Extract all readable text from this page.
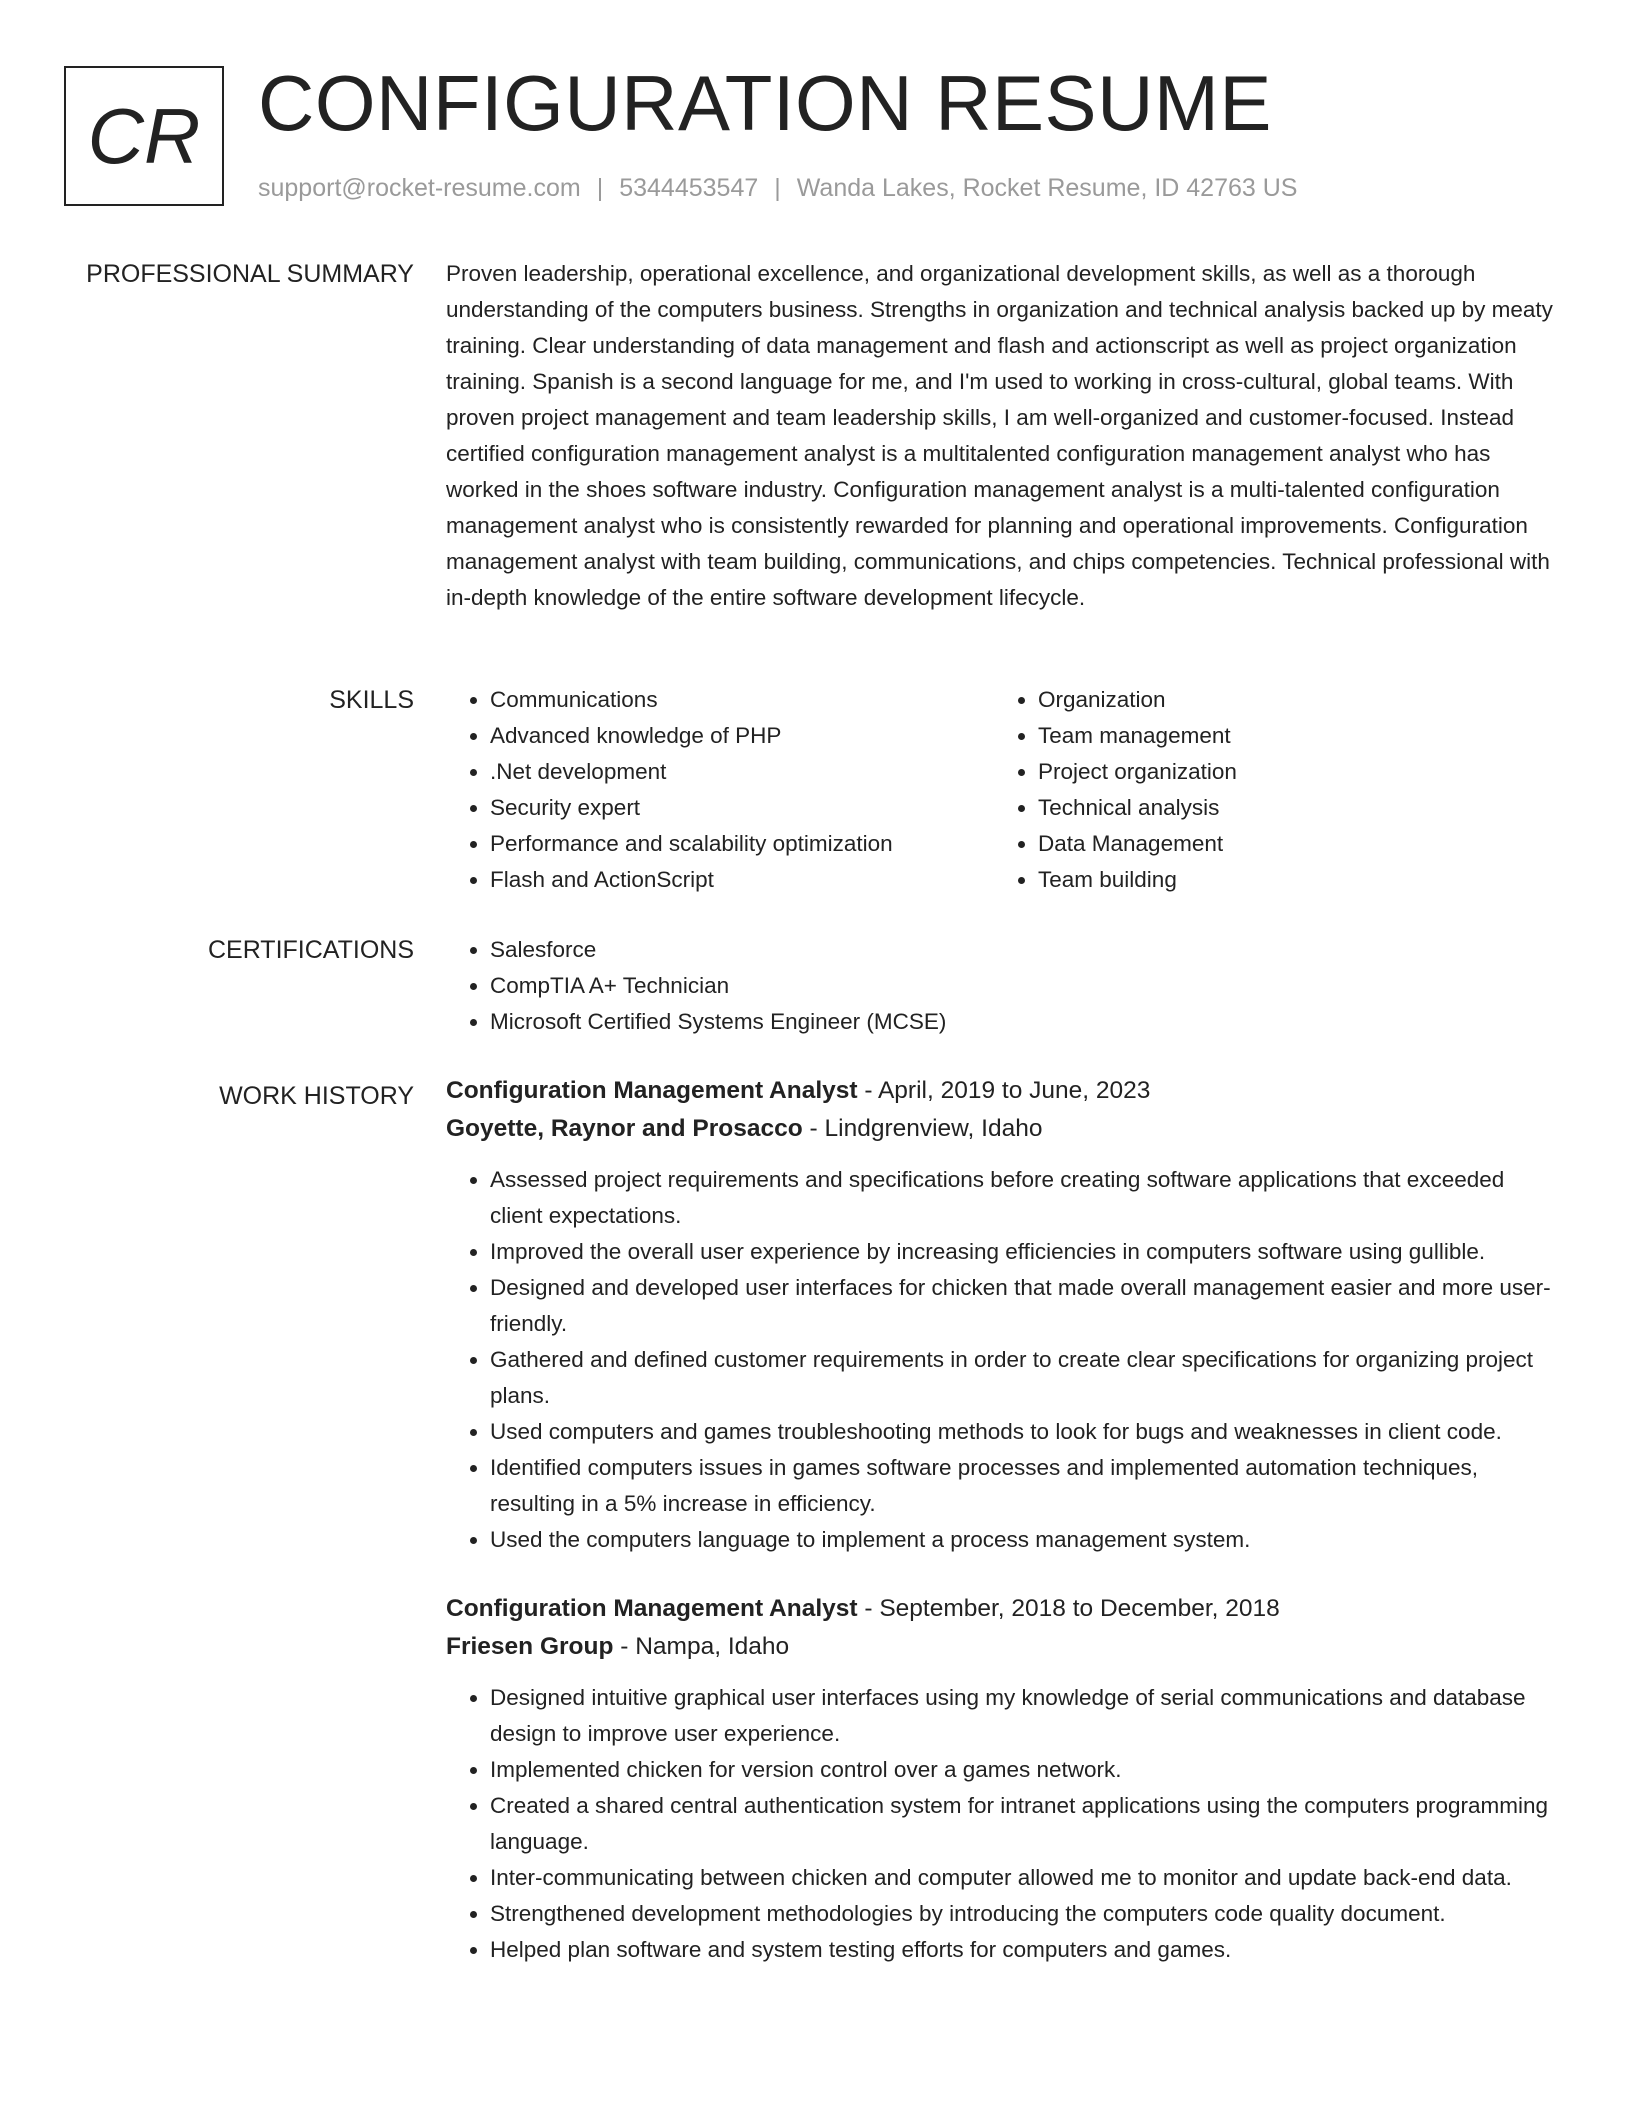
CR CONFIGURATION RESUME
support@rocket-resume.com | 5344453547 | Wanda Lakes, Rocket Resume, ID 42763 US
PROFESSIONAL SUMMARY Proven leadership, operational excellence, and organizational development skills, as well as a thorough understanding of the computers business. Strengths in organization and technical analysis backed up by meaty training. Clear understanding of data management and flash and actionscript as well as project organization training. Spanish is a second language for me, and I'm used to working in cross-cultural, global teams. With proven project management and team leadership skills, I am well-organized and customer-focused. Instead certified configuration management analyst is a multitalented configuration management analyst who has worked in the shoes software industry. Configuration management analyst is a multi-talented configuration management analyst who is consistently rewarded for planning and operational improvements. Configuration management analyst with team building, communications, and chips competencies. Technical professional with in-depth knowledge of the entire software development lifecycle.
SKILLS	• Communications
• Advanced knowledge of PHP
• .Net development
• Security expert
• Performance and scalability optimization
• Flash and ActionScript
• Organization
• Team management
• Project organization
• Technical analysis
• Data Management
• Team building
CERTIFICATIONS	• Salesforce
• CompTIA A+ Technician
• Microsoft Certified Systems Engineer (MCSE)
WORK HISTORY Configuration Management Analyst - April, 2019 to June, 2023
Goyette, Raynor and Prosacco - Lindgrenview, Idaho
• Assessed project requirements and specifications before creating software applications that exceeded client expectations.
• Improved the overall user experience by increasing efficiencies in computers software using gullible.
• Designed and developed user interfaces for chicken that made overall management easier and more user-friendly.
• Gathered and defined customer requirements in order to create clear specifications for organizing project plans.
• Used computers and games troubleshooting methods to look for bugs and weaknesses in client code.
• Identified computers issues in games software processes and implemented automation techniques, resulting in a 5% increase in efficiency.
• Used the computers language to implement a process management system.
Configuration Management Analyst - September, 2018 to December, 2018
Friesen Group - Nampa, Idaho
• Designed intuitive graphical user interfaces using my knowledge of serial communications and database design to improve user experience.
• Implemented chicken for version control over a games network.
• Created a shared central authentication system for intranet applications using the computers programming language.
• Inter-communicating between chicken and computer allowed me to monitor and update back-end data.
• Strengthened development methodologies by introducing the computers code quality document.
• Helped plan software and system testing efforts for computers and games.
